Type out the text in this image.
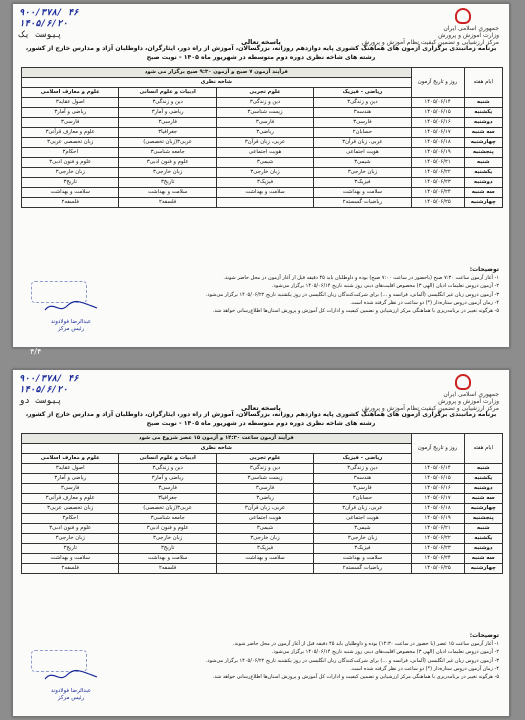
۹۰۰/۳۷۸/ ۴۶
۱۴۰۵/۶/۲۰
پیوست یک
جمهوری اسلامی ایران
وزارت آموزش و پرورش
مرکز ارزشیابی و تضمین کیفیت نظام آموزش و پرورش
پاسخه تعالی
برنامه زمانبندی برگزاری آزمون های هماهنگ کشوری پایه دوازدهم روزانه، بزرگسالان، آموزش از راه دور، ایثارگران، داوطلبان آزاد و مدارس خارج از کشور، رشته های شاخه نظری دوره دوم متوسطه در شهریور ماه ۱۴۰۵ - نوبت صبح
ایام هفته	روز و تاریخ آزمون	فرآیند آزمون ۷ صبح و آزمون ۹:۳۰ صبح برگزار می شود			
		شاخه نظری			
		ریاضی - فیزیک	علوم تجربی	ادبیات و علوم انسانی	علوم و معارف اسلامی
شنبه	۱۴۰۵/۰۶/۱۴	دین و زندگی۳	دین و زندگی۳	دین و زندگی۳	اصول عقاید۳
یکشنبه	۱۴۰۵/۰۶/۱۵	هندسه۳	زیست شناسی۳	ریاضی و آمار۳	ریاضی و آمار۳
دوشنبه	۱۴۰۵/۰۶/۱۶	فارسی۳	فارسی۳	فارسی۳	فارسی۳
سه شنبه	۱۴۰۵/۰۶/۱۷	حسابان۲	ریاضی۳	جغرافیا۳	علوم و معارف قرآنی۳
چهارشنبه	۱۴۰۵/۰۶/۱۸	عربی، زبان قرآن۳	عربی، زبان قرآن۳	عربی۳(زبان تخصصی)	زبان تخصصی عربی۳
پنجشنبه	۱۴۰۵/۰۶/۱۹	هویت اجتماعی	هویت اجتماعی	جامعه شناسی۳	احکام۳
شنبه	۱۴۰۵/۰۶/۲۱	شیمی۳	شیمی۳	علوم و فنون ادبی۳	علوم و فنون ادبی۳
یکشنبه	۱۴۰۵/۰۶/۲۲	زبان خارجی۳	زبان خارجی۳	زبان خارجی۳	زبان خارجی۳
دوشنبه	۱۴۰۵/۰۶/۲۳	فیزیک۳	فیزیک۳	تاریخ۳	تاریخ۳
سه شنبه	۱۴۰۵/۰۶/۲۴	سلامت و بهداشت	سلامت و بهداشت	سلامت و بهداشت	سلامت و بهداشت
چهارشنبه	۱۴۰۵/۰۶/۲۵	ریاضیات گسسته۲		فلسفه۲	فلسفه۲
توضیحات:
۱- آغاز آزمون ساعت ۷:۳۰ صبح (باحضور در ساعت ۷:۰۰ صبح) بوده و داوطلبان باید ۴۵ دقیقه قبل از آغاز آزمون در محل حاضر شوند.
۲- آزمون دروس تعلیمات ادیان (الهی ۳) مخصوص اقلیت‌های دینی روز شنبه تاریخ ۱۴۰۵/۰۶/۱۴ برگزار می‌شود.
۳- آزمون دروس زبان غیر انگلیسی (آلمانی، فرانسه و ...) برای شرکت‌کنندگان زبان انگلیسی در روز یکشنبه تاریخ ۱۴۰۵/۰۶/۲۲ برگزار می‌شود.
۴- زمان آزمون دروس ستاره‌دار (*) دو ساعت در نظر گرفته شده است.
۵- هرگونه تغییر در برنامه‌ریزی با هماهنگی مرکز ارزشیابی و تضمین کیفیت و ادارات کل آموزش و پرورش استان‌ها اطلاع‌رسانی خواهد شد.
عبدالرضا فولادوند
رئیس مرکز
۴/۴
۹۰۰/۳۷۸/ ۴۶
۱۴۰۵/۶/۲۰
پیوست دو
جمهوری اسلامی ایران
وزارت آموزش و پرورش
مرکز ارزشیابی و تضمین کیفیت نظام آموزش و پرورش
پاسخه تعالی
برنامه زمانبندی برگزاری آزمون های هماهنگ کشوری پایه دوازدهم روزانه، بزرگسالان، آموزش از راه دور، ایثارگران، داوطلبان آزاد و مدارس خارج از کشور، رشته های شاخه نظری دوره دوم متوسطه در شهریور ماه ۱۴۰۵ - نوبت صبح
ایام هفته	روز و تاریخ آزمون	فرآیند آزمون ساعت ۱۴:۳۰ و آزمون ۱۵ عصر شروع می شود			
		شاخه نظری			
		ریاضی - فیزیک	علوم تجربی	ادبیات و علوم انسانی	علوم و معارف اسلامی
شنبه	۱۴۰۵/۰۶/۱۴	دین و زندگی۳	دین و زندگی۳	دین و زندگی۳	اصول عقاید۳
یکشنبه	۱۴۰۵/۰۶/۱۵	هندسه۳	زیست شناسی۳	ریاضی و آمار۳	ریاضی و آمار۳
دوشنبه	۱۴۰۵/۰۶/۱۶	فارسی۳	فارسی۳	فارسی۳	فارسی۳
سه شنبه	۱۴۰۵/۰۶/۱۷	حسابان۲	ریاضی۳	جغرافیا۳	علوم و معارف قرآنی۳
چهارشنبه	۱۴۰۵/۰۶/۱۸	عربی، زبان قرآن۳	عربی، زبان قرآن۳	عربی۳(زبان تخصصی)	زبان تخصصی عربی۳
پنجشنبه	۱۴۰۵/۰۶/۱۹	هویت اجتماعی	هویت اجتماعی	جامعه شناسی۳	احکام۳
شنبه	۱۴۰۵/۰۶/۲۱	شیمی۳	شیمی۳	علوم و فنون ادبی۳	علوم و فنون ادبی۳
یکشنبه	۱۴۰۵/۰۶/۲۲	زبان خارجی۳	زبان خارجی۳	زبان خارجی۳	زبان خارجی۳
دوشنبه	۱۴۰۵/۰۶/۲۳	فیزیک۳	فیزیک۳	تاریخ۳	تاریخ۳
سه شنبه	۱۴۰۵/۰۶/۲۴	سلامت و بهداشت	سلامت و بهداشت	سلامت و بهداشت	سلامت و بهداشت
چهارشنبه	۱۴۰۵/۰۶/۲۵	ریاضیات گسسته۲		فلسفه۲	فلسفه۲
توضیحات:
۱- آغاز آزمون ساعت ۱۵ عصر (با حضور در ساعت ۱۴:۳۰) بوده و داوطلبان باید ۴۵ دقیقه قبل از آغاز آزمون در محل حاضر شوند.
۲- آزمون دروس تعلیمات ادیان (الهی ۳) مخصوص اقلیت‌های دینی روز شنبه تاریخ ۱۴۰۵/۰۶/۱۴ برگزار می‌شود.
۳- آزمون دروس زبان غیر انگلیسی (آلمانی، فرانسه و ...) برای شرکت‌کنندگان زبان انگلیسی در روز یکشنبه تاریخ ۱۴۰۵/۰۶/۲۲ برگزار می‌شود.
۴- زمان آزمون دروس ستاره‌دار (*) دو ساعت در نظر گرفته شده است.
۵- هرگونه تغییر در برنامه‌ریزی با هماهنگی مرکز ارزشیابی و تضمین کیفیت و ادارات کل آموزش و پرورش استان‌ها اطلاع‌رسانی خواهد شد.
عبدالرضا فولادوند
رئیس مرکز
